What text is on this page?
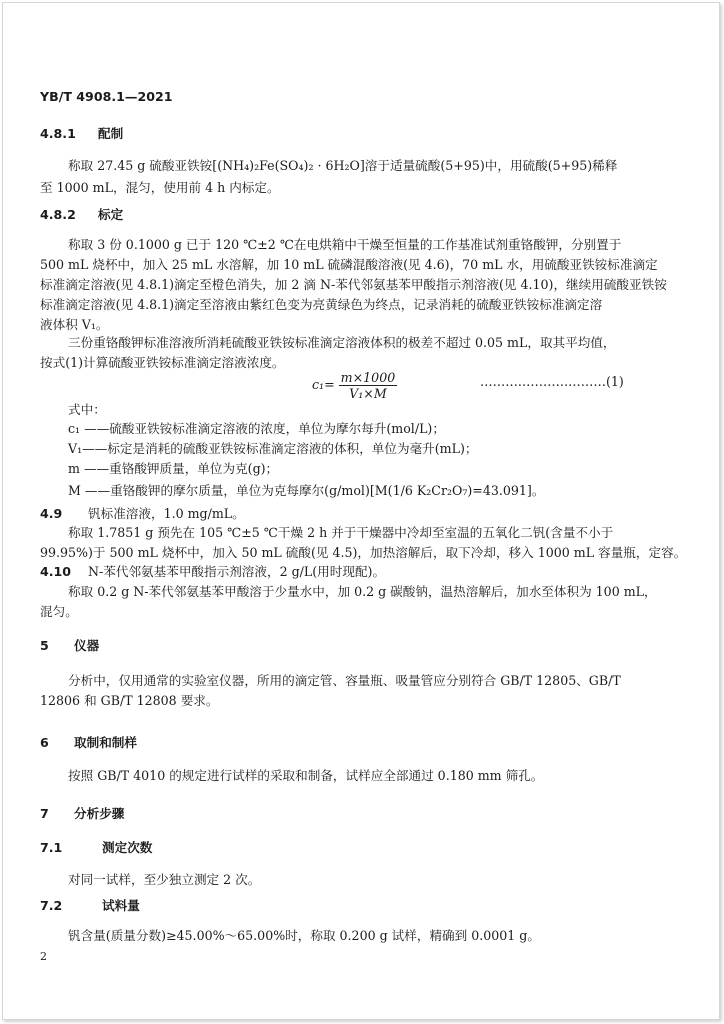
YB/T 4908.1—2021
4.8.1 配制
称取 27.45 g 硫酸亚铁铵[(NH₄)₂Fe(SO₄)₂ · 6H₂O]溶于适量硫酸(5+95)中，用硫酸(5+95)稀释
至 1000 mL，混匀，使用前 4 h 内标定。
4.8.2 标定
称取 3 份 0.1000 g 已于 120 ℃±2 ℃在电烘箱中干燥至恒量的工作基准试剂重铬酸钾，分别置于
500 mL 烧杯中，加入 25 mL 水溶解，加 10 mL 硫磷混酸溶液(见 4.6)，70 mL 水，用硫酸亚铁铵标准滴定
标准滴定溶液(见 4.8.1)滴定至橙色消失，加 2 滴 N-苯代邻氨基苯甲酸指示剂溶液(见 4.10)，继续用硫酸亚铁铵
标准滴定溶液(见 4.8.1)滴定至溶液由紫红色变为亮黄绿色为终点，记录消耗的硫酸亚铁铵标准滴定溶
液体积 V₁。
三份重铬酸钾标准溶液所消耗硫酸亚铁铵标准滴定溶液体积的极差不超过 0.05 mL，取其平均值，
按式(1)计算硫酸亚铁铵标准滴定溶液浓度。
$c_1= \frac{m\times 1000}{\text{V₁×M}}$	…………………………(1)
式中：
c₁ ——硫酸亚铁铵标准滴定溶液的浓度，单位为摩尔每升(mol/L)；
V₁——标定是消耗的硫酸亚铁铵标准滴定溶液的体积，单位为毫升(mL)；
m ——重铬酸钾质量，单位为克(g)；
M ——重铬酸钾的摩尔质量，单位为克每摩尔(g/mol)[M(1/6 K₂Cr₂O₇)=43.091]。
4.9 钒标准溶液，1.0 mg/mL。
称取 1.7851 g 预先在 105 ℃±5 ℃干燥 2 h 并于干燥器中冷却至室温的五氧化二钒(含量不小于
99.95%)于 500 mL 烧杯中，加入 50 mL 硫酸(见 4.5)，加热溶解后，取下冷却，移入 1000 mL 容量瓶，定容。
4.10 N-苯代邻氨基苯甲酸指示剂溶液，2 g/L(用时现配)。
称取 0.2 g N-苯代邻氨基苯甲酸溶于少量水中，加 0.2 g 碳酸钠，温热溶解后，加水至体积为 100 mL，
混匀。
5 仪器
分析中，仅用通常的实验室仪器，所用的滴定管、容量瓶、吸量管应分别符合 GB/T 12805、GB/T
12806 和 GB/T 12808 要求。
6 取制和制样
按照 GB/T 4010 的规定进行试样的采取和制备，试样应全部通过 0.180 mm 筛孔。
7 分析步骤
7.1	测定次数
对同一试样，至少独立测定 2 次。
7.2	试料量
钒含量(质量分数)≥45.00%～65.00%时，称取 0.200 g 试样，精确到 0.0001 g。
2
